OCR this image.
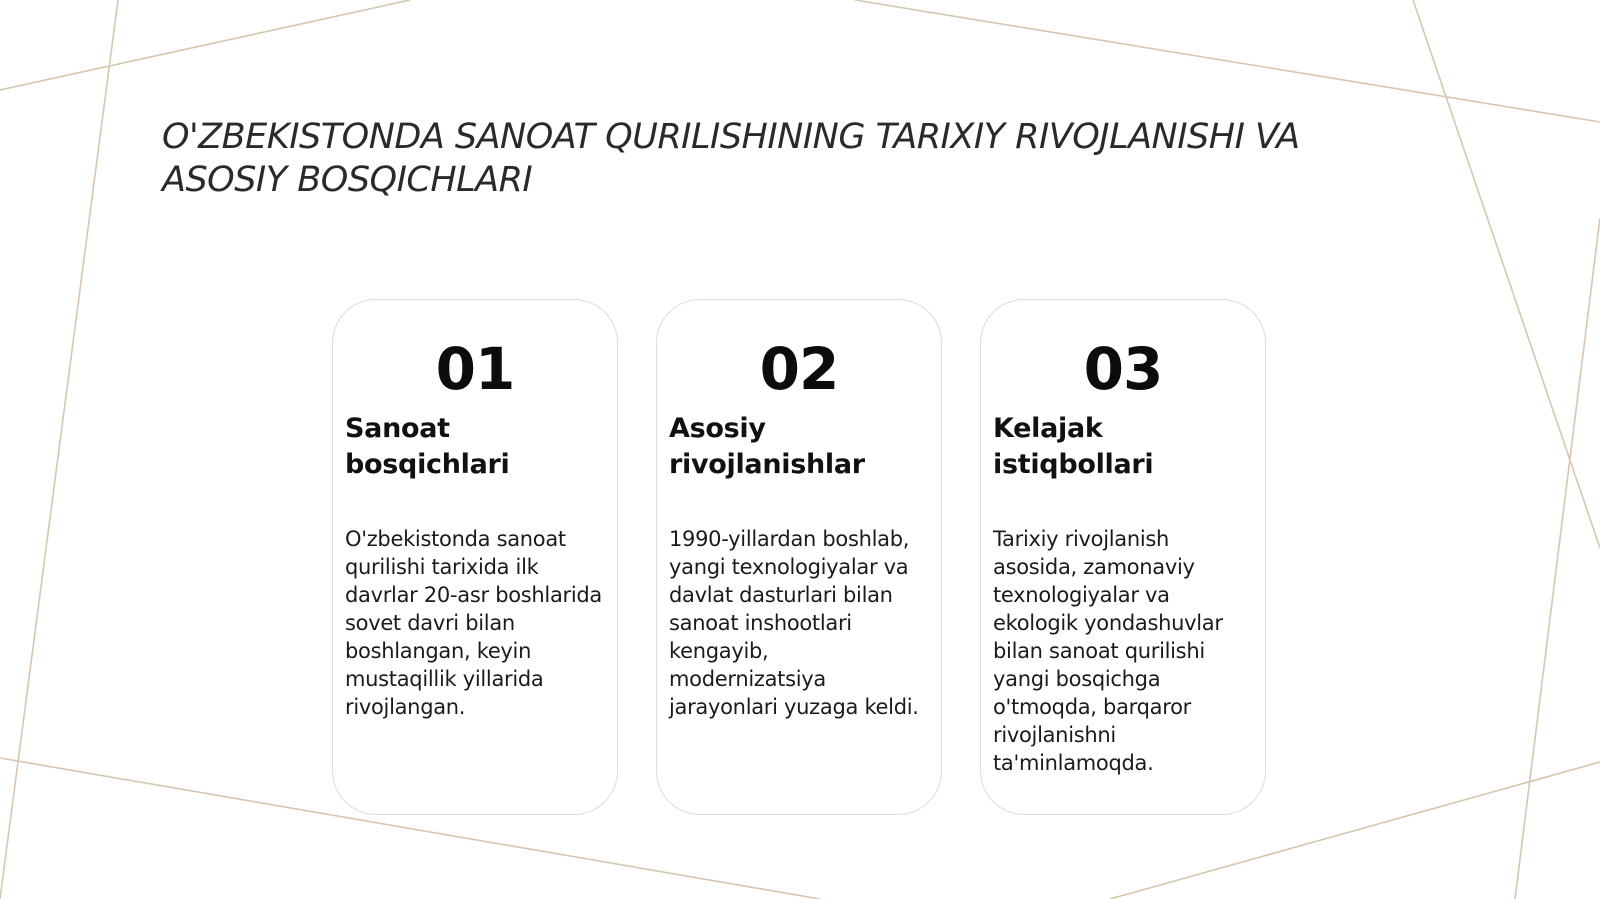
O'ZBEKISTONDA SANOAT QURILISHINING TARIXIY RIVOJLANISHI VA ASOSIY BOSQICHLARI
01
Sanoat bosqichlari
O'zbekistonda sanoat qurilishi tarixida ilk davrlar 20-asr boshlarida sovet davri bilan boshlangan, keyin mustaqillik yillarida rivojlangan.
02
Asosiy rivojlanishlar
1990-yillardan boshlab, yangi texnologiyalar va davlat dasturlari bilan sanoat inshootlari kengayib, modernizatsiya jarayonlari yuzaga keldi.
03
Kelajak istiqbollari
Tarixiy rivojlanish asosida, zamonaviy texnologiyalar va ekologik yondashuvlar bilan sanoat qurilishi yangi bosqichga o'tmoqda, barqaror rivojlanishni ta'minlamoqda.
